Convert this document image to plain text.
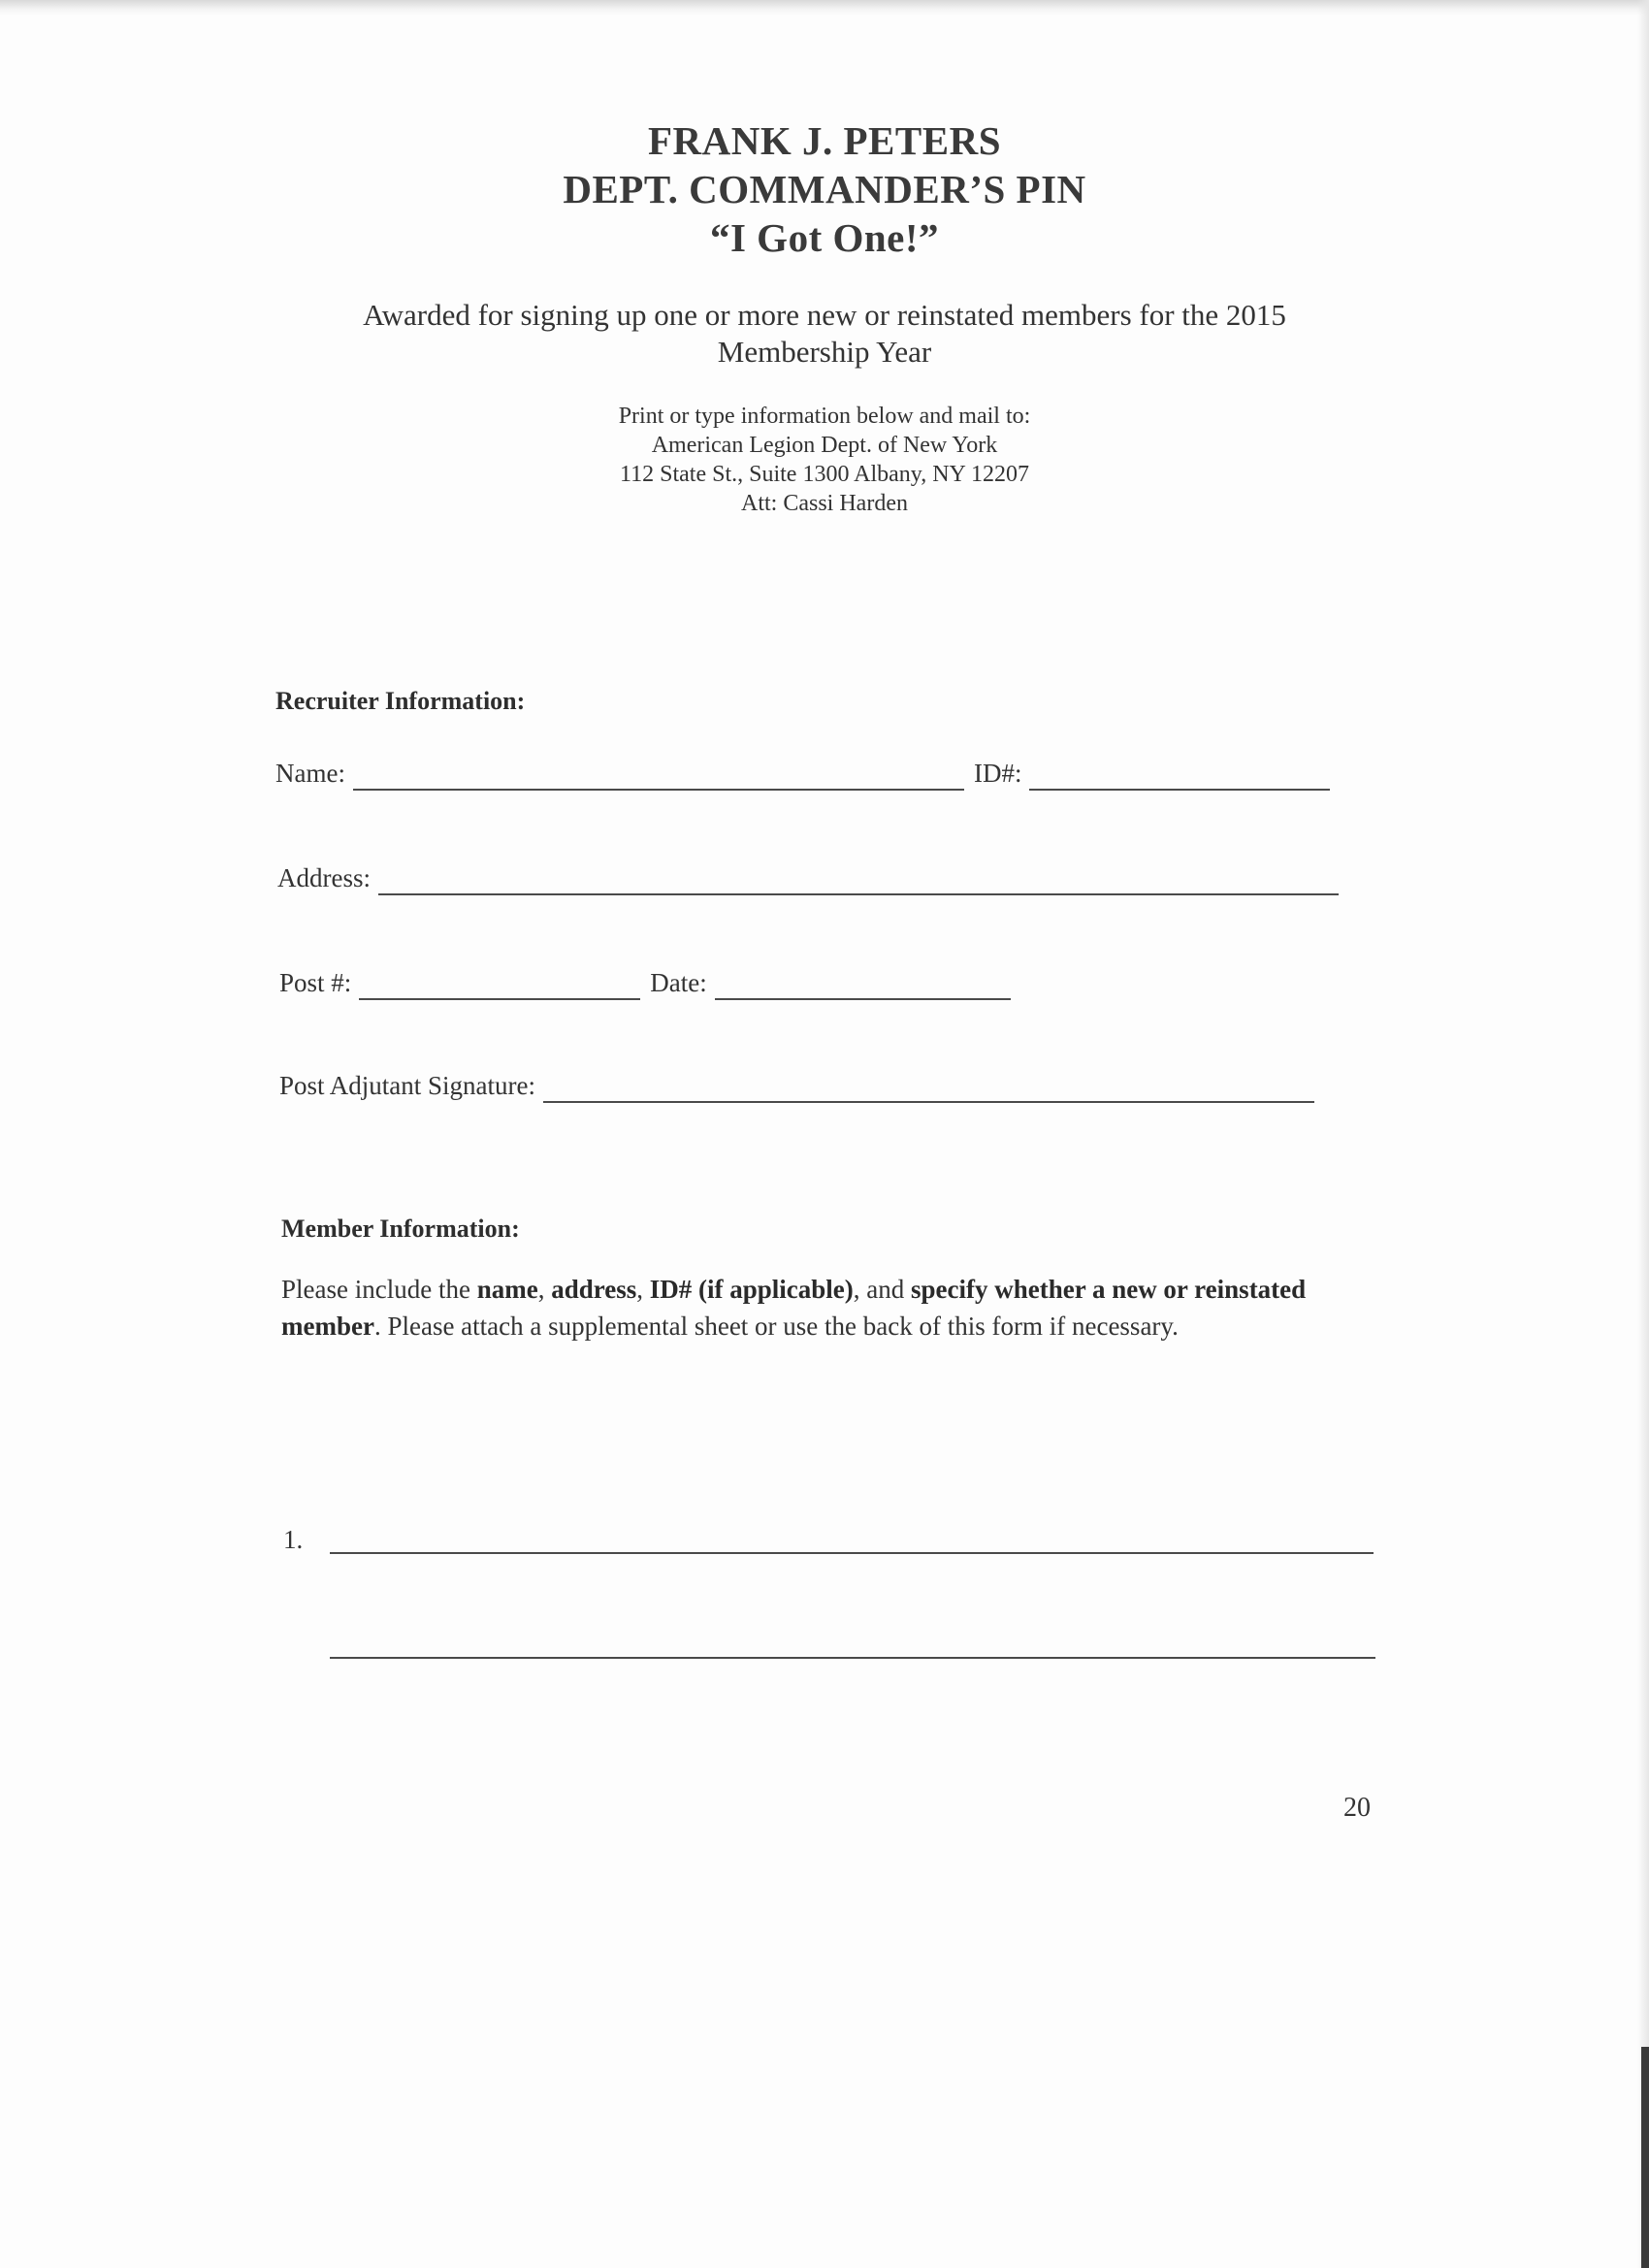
FRANK J. PETERS
DEPT. COMMANDER’S PIN
“I Got One!”
Awarded for signing up one or more new or reinstated members for the 2015
Membership Year
Print or type information below and mail to:
American Legion Dept. of New York
112 State St., Suite 1300 Albany, NY 12207
Att: Cassi Harden
Recruiter Information:
Name:	ID#:
Address:
Post #:	Date:
Post Adjutant Signature:
Member Information:
Please include the name, address, ID# (if applicable), and specify whether a new or reinstated member. Please attach a supplemental sheet or use the back of this form if necessary.
1.
20
